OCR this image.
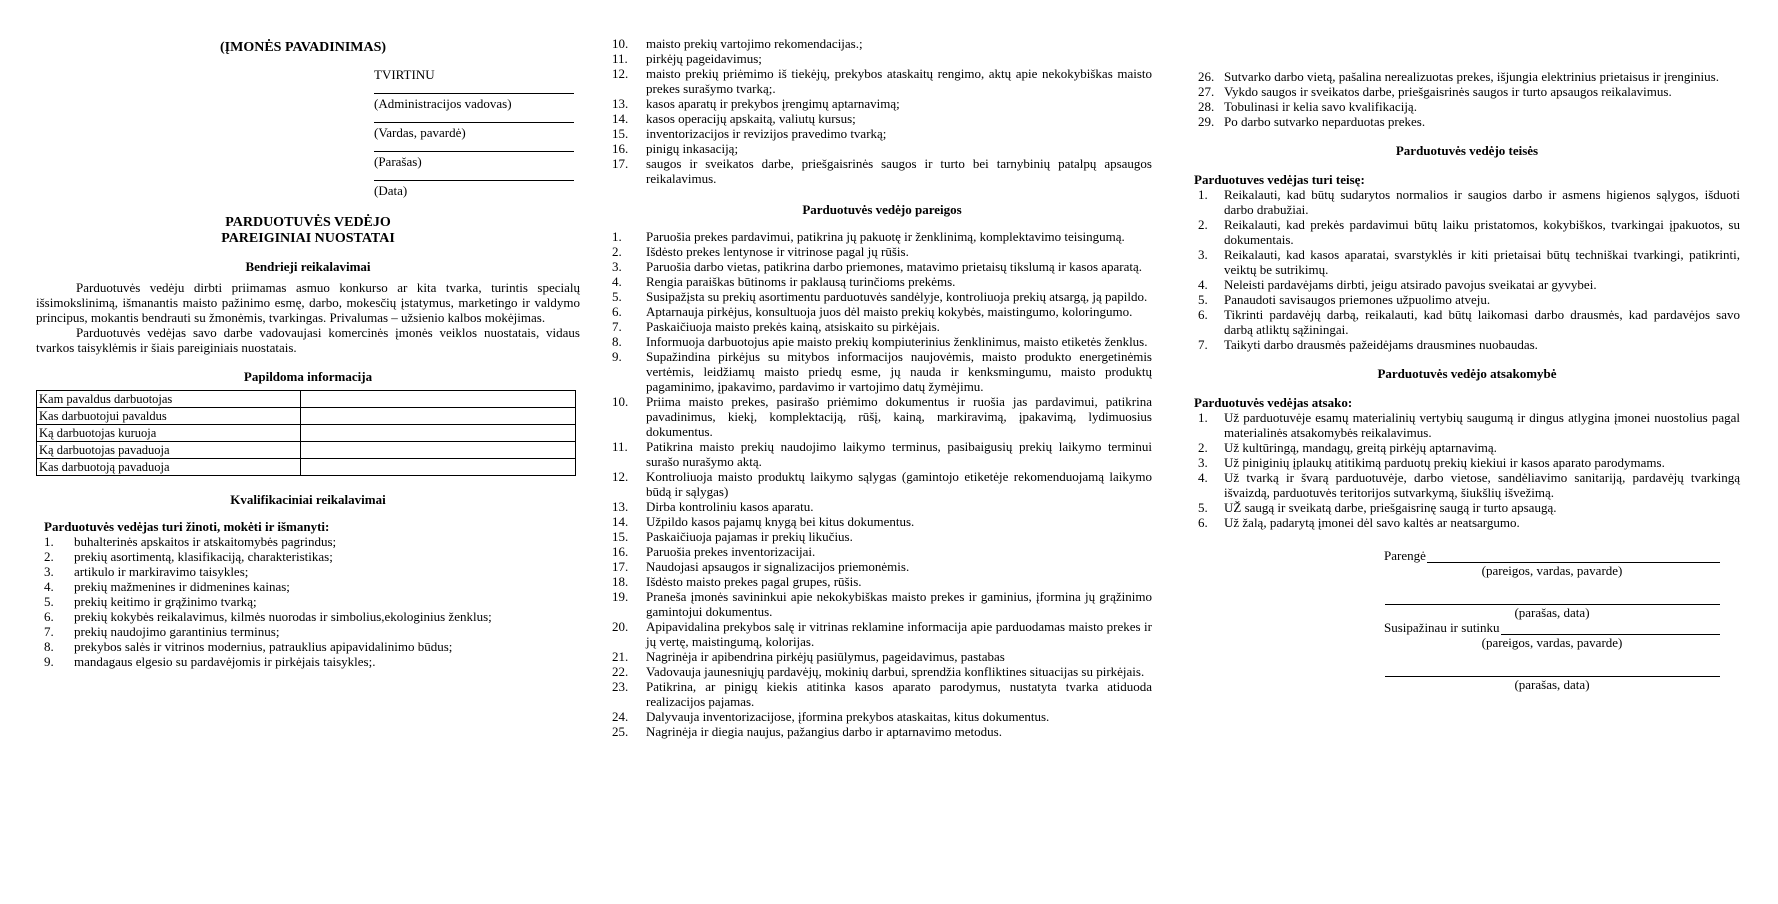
(ĮMONĖS PAVADINIMAS)
TVIRTINU
(Administracijos vadovas)
(Vardas, pavardė)
(Parašas)
(Data)
PARDUOTUVĖS VEDĖJO
PAREIGINIAI NUOSTATAI
Bendrieji reikalavimai

Parduotuvės vedėju dirbti priimamas asmuo konkurso ar kita tvarka, turintis specialų išsimokslinimą, išmanantis maisto pažinimo esmę, darbo, mokesčių įstatymus, marketingo ir valdymo principus, mokantis bendrauti su žmonėmis, tvarkingas. Privalumas – užsienio kalbos mokėjimas.

Parduotuvės vedėjas savo darbe vadovaujasi komercinės įmonės veiklos nuostatais, vidaus tvarkos taisyklėmis ir šiais pareiginiais nuostatais.

Papildoma informacija
Kam pavaldus darbuotojas	
Kas darbuotojui pavaldus	
Ką darbuotojas kuruoja	
Ką darbuotojas pavaduoja	
Kas darbuotoją pavaduoja	
Kvalifikaciniai reikalavimai
Parduotuvės vedėjas turi žinoti, mokėti ir išmanyti:
1.	buhalterinės apskaitos ir atskaitomybės pagrindus;
2.	prekių asortimentą, klasifikaciją, charakteristikas;
3.	artikulo ir markiravimo taisykles;
4.	prekių mažmenines ir didmenines kainas;
5.	prekių keitimo ir grąžinimo tvarką;
6.	prekių kokybės reikalavimus, kilmės nuorodas ir simbolius,ekologinius ženklus;
7.	prekių naudojimo garantinius terminus;
8.	prekybos salės ir vitrinos modernius, patrauklius apipavidalinimo būdus;
9.	mandagaus elgesio su pardavėjomis ir pirkėjais taisykles;.
10.	maisto prekių vartojimo rekomendacijas.;
11.	pirkėjų pageidavimus;
12.	maisto prekių priėmimo iš tiekėjų, prekybos ataskaitų rengimo, aktų apie nekokybiškas maisto prekes surašymo tvarką;.
13.	kasos aparatų ir prekybos įrengimų aptarnavimą;
14.	kasos operacijų apskaitą, valiutų kursus;
15.	inventorizacijos ir revizijos pravedimo tvarką;
16.	pinigų inkasaciją;
17.	saugos ir sveikatos darbe, priešgaisrinės saugos ir turto bei tarnybinių patalpų apsaugos reikalavimus.
Parduotuvės vedėjo pareigos
1.	Paruošia prekes pardavimui, patikrina jų pakuotę ir ženklinimą, komplektavimo teisingumą.
2.	Išdėsto prekes lentynose ir vitrinose pagal jų rūšis.
3.	Paruošia darbo vietas, patikrina darbo priemones, matavimo prietaisų tikslumą ir kasos aparatą.
4.	Rengia paraiškas būtinoms ir paklausą turinčioms prekėms.
5.	Susipažįsta su prekių asortimentu parduotuvės sandėlyje, kontroliuoja prekių atsargą, ją papildo.
6.	Aptarnauja pirkėjus, konsultuoja juos dėl maisto prekių kokybės, maistingumo, koloringumo.
7.	Paskaičiuoja maisto prekės kainą, atsiskaito su pirkėjais.
8.	Informuoja darbuotojus apie maisto prekių kompiuterinius ženklinimus, maisto etiketės ženklus.
9.	Supažindina pirkėjus su mitybos informacijos naujovėmis, maisto produkto energetinėmis vertėmis, leidžiamų maisto priedų esme, jų nauda ir kenksmingumu, maisto produktų pagaminimo, įpakavimo, pardavimo ir vartojimo datų žymėjimu.
10.	Priima maisto prekes, pasirašo priėmimo dokumentus ir ruošia jas pardavimui, patikrina pavadinimus, kiekį, komplektaciją, rūšį, kainą, markiravimą, įpakavimą, lydimuosius dokumentus.
11.	Patikrina maisto prekių naudojimo laikymo terminus, pasibaigusių prekių laikymo terminui surašo nurašymo aktą.
12.	Kontroliuoja maisto produktų laikymo sąlygas (gamintojo etiketėje rekomenduojamą laikymo būdą ir sąlygas)
13.	Dirba kontroliniu kasos aparatu.
14.	Užpildo kasos pajamų knygą bei kitus dokumentus.
15.	Paskaičiuoja pajamas ir prekių likučius.
16.	Paruošia prekes inventorizacijai.
17.	Naudojasi apsaugos ir signalizacijos priemonėmis.
18.	Išdėsto maisto prekes pagal grupes, rūšis.
19.	Praneša įmonės savininkui apie nekokybiškas maisto prekes ir gaminius, įformina jų grąžinimo gamintojui dokumentus.
20.	Apipavidalina prekybos salę ir vitrinas reklamine informacija apie parduodamas maisto prekes ir jų vertę, maistingumą, kolorijas.
21.	Nagrinėja ir apibendrina pirkėjų pasiūlymus, pageidavimus, pastabas
22.	Vadovauja jaunesniųjų pardavėjų, mokinių darbui, sprendžia konfliktines situacijas su pirkėjais.
23.	Patikrina, ar pinigų kiekis atitinka kasos aparato parodymus, nustatyta tvarka atiduoda realizacijos pajamas.
24.	Dalyvauja inventorizacijose, įformina prekybos ataskaitas, kitus dokumentus.
25.	Nagrinėja ir diegia naujus, pažangius darbo ir aptarnavimo metodus.
26. Sutvarko darbo vietą, pašalina nerealizuotas prekes, išjungia elektrinius prietaisus ir įrenginius.
27. Vykdo saugos ir sveikatos darbe, priešgaisrinės saugos ir turto apsaugos reikalavimus.
28. Tobulinasi ir kelia savo kvalifikaciją.
29. Po darbo sutvarko neparduotas prekes.
Parduotuvės vedėjo teisės
Parduotuves vedėjas turi teisę:
1.	Reikalauti, kad būtų sudarytos normalios ir saugios darbo ir asmens higienos sąlygos, išduoti darbo drabužiai.
2.	Reikalauti, kad prekės pardavimui būtų laiku pristatomos, kokybiškos, tvarkingai įpakuotos, su dokumentais.
3.	Reikalauti, kad kasos aparatai, svarstyklės ir kiti prietaisai būtų techniškai tvarkingi, patikrinti, veiktų be sutrikimų.
4.	Neleisti pardavėjams dirbti, jeigu atsirado pavojus sveikatai ar gyvybei.
5.	Panaudoti savisaugos priemones užpuolimo atveju.
6.	Tikrinti pardavėjų darbą, reikalauti, kad būtų laikomasi darbo drausmės, kad pardavėjos savo darbą atliktų sąžiningai.
7.	Taikyti darbo drausmės pažeidėjams drausmines nuobaudas.
Parduotuvės vedėjo atsakomybė
Parduotuvės vedėjas atsako:
1.	Už parduotuvėje esamų materialinių vertybių saugumą ir dingus atlygina įmonei nuostolius pagal materialinės atsakomybės reikalavimus.
2.	Už kultūringą, mandagų, greitą pirkėjų aptarnavimą.
3.	Už piniginių įplaukų atitikimą parduotų prekių kiekiui ir kasos aparato parodymams.
4.	Už tvarką ir švarą parduotuvėje, darbo vietose, sandėliavimo sanitariją, pardavėjų tvarkingą išvaizdą, parduotuvės teritorijos sutvarkymą, šiukšlių išvežimą.
5.	UŽ saugą ir sveikatą darbe, priešgaisrinę saugą ir turto apsaugą.
6.	Už žalą, padarytą įmonei dėl savo kaltės ar neatsargumo.
Parengė
(pareigos, vardas, pavarde)
(parašas, data)
Susipažinau ir sutinku
(pareigos, vardas, pavarde)
(parašas, data)
